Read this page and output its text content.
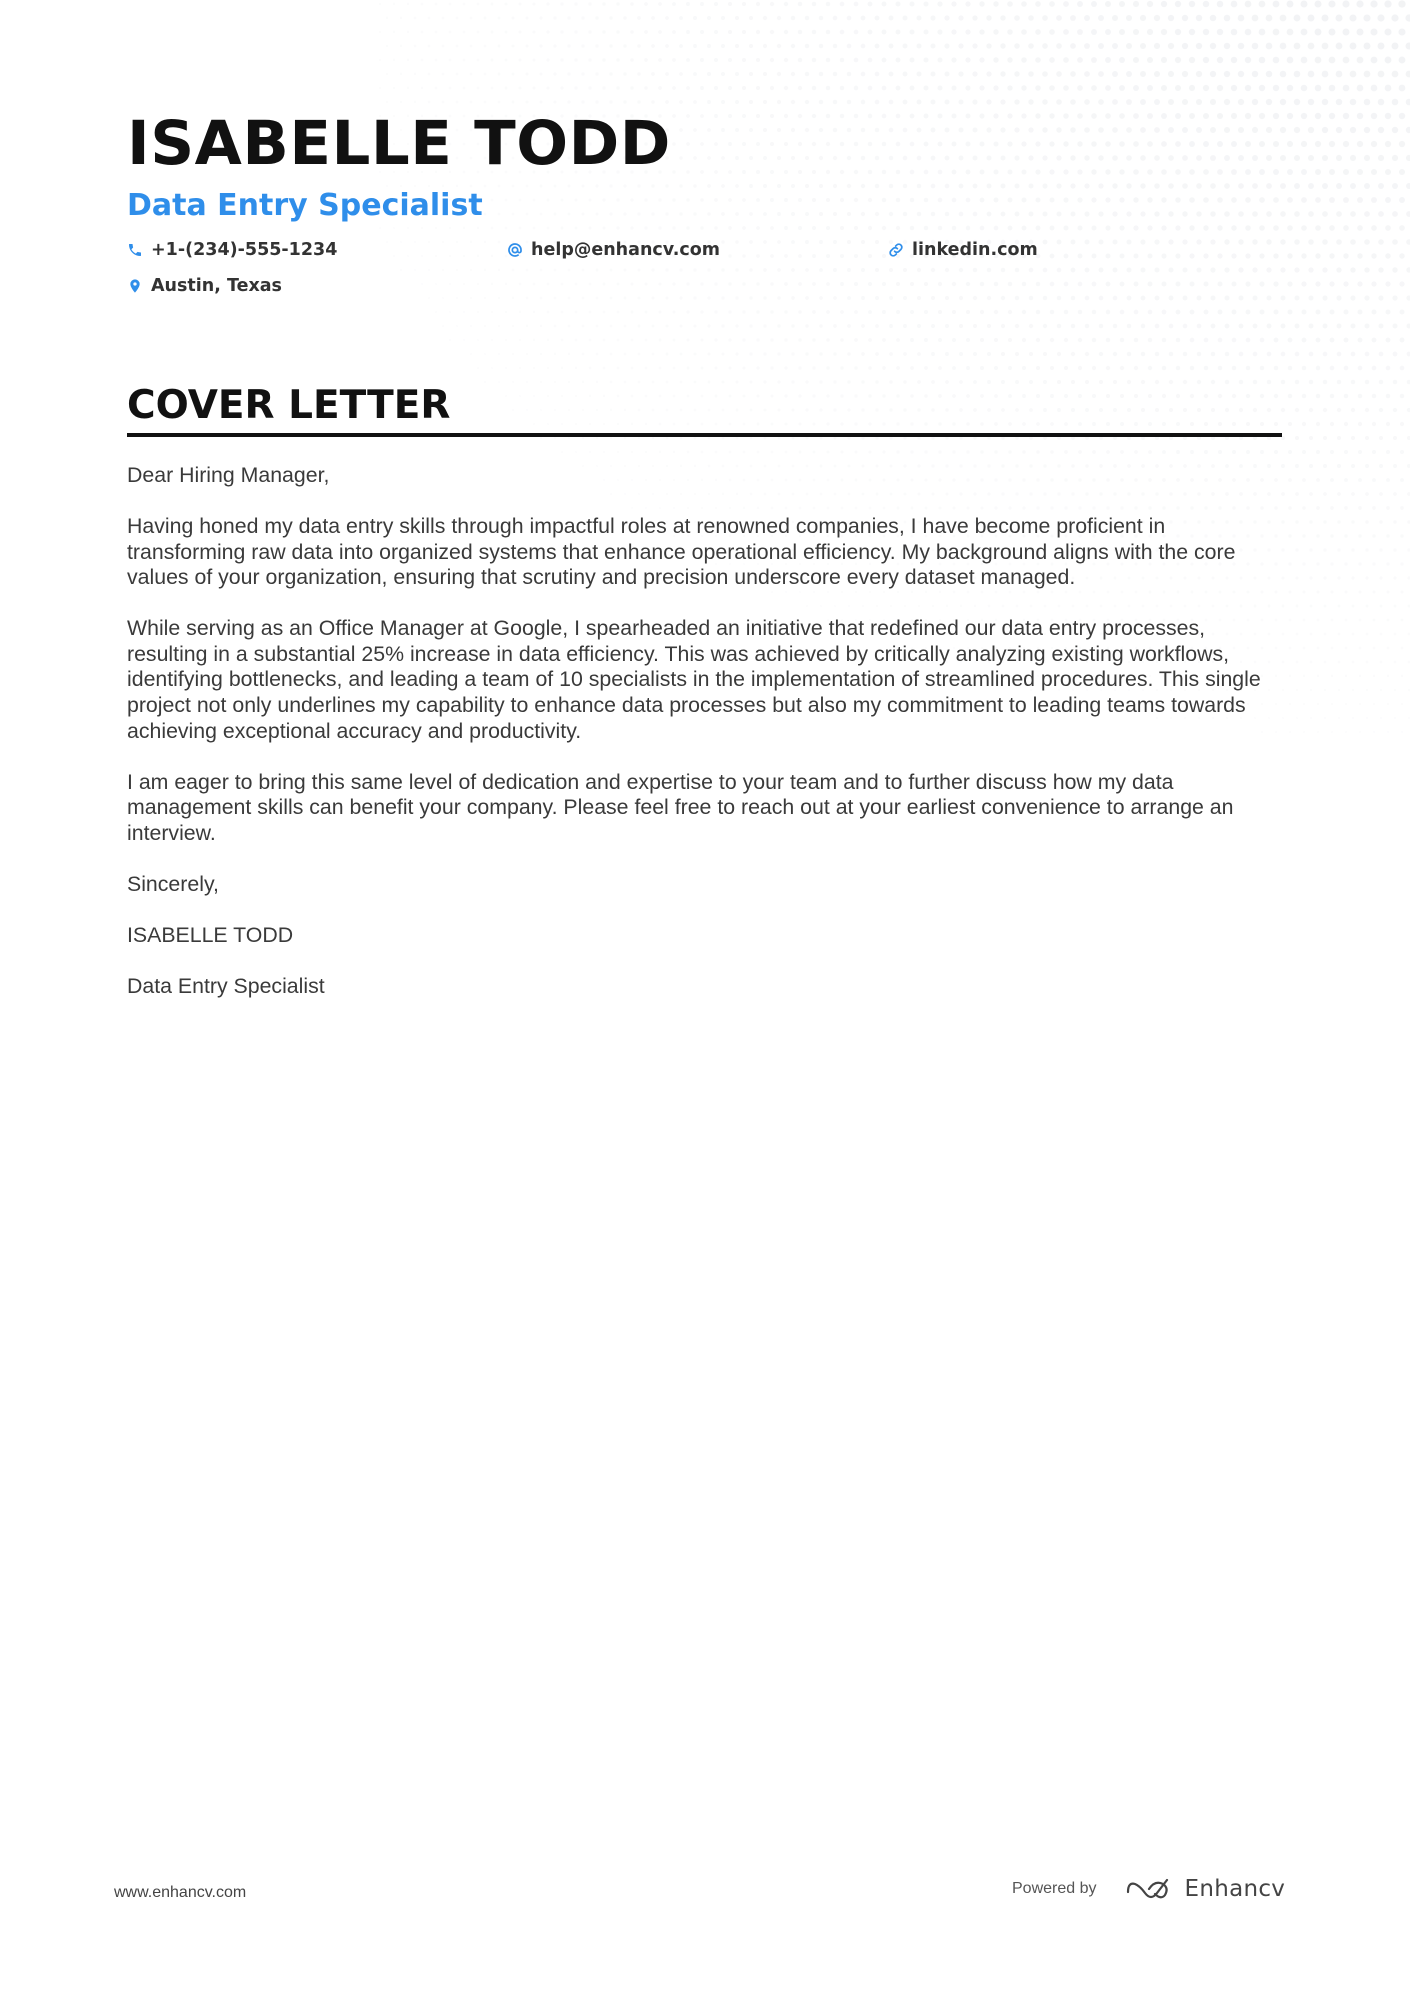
ISABELLE TODD
Data Entry Specialist
+1-(234)-555-1234	help@enhancv.com	linkedin.com
Austin, Texas
COVER LETTER

Dear Hiring Manager,

Having honed my data entry skills through impactful roles at renowned companies, I have become proficient in transforming raw data into organized systems that enhance operational efficiency. My background aligns with the core values of your organization, ensuring that scrutiny and precision underscore every dataset managed.

While serving as an Office Manager at Google, I spearheaded an initiative that redefined our data entry processes, resulting in a substantial 25% increase in data efficiency. This was achieved by critically analyzing existing workflows, identifying bottlenecks, and leading a team of 10 specialists in the implementation of streamlined procedures. This single project not only underlines my capability to enhance data processes but also my commitment to leading teams towards achieving exceptional accuracy and productivity.

I am eager to bring this same level of dedication and expertise to your team and to further discuss how my data management skills can benefit your company. Please feel free to reach out at your earliest convenience to arrange an interview.

Sincerely,

ISABELLE TODD

Data Entry Specialist

www.enhancv.com	Powered by	Enhancv
